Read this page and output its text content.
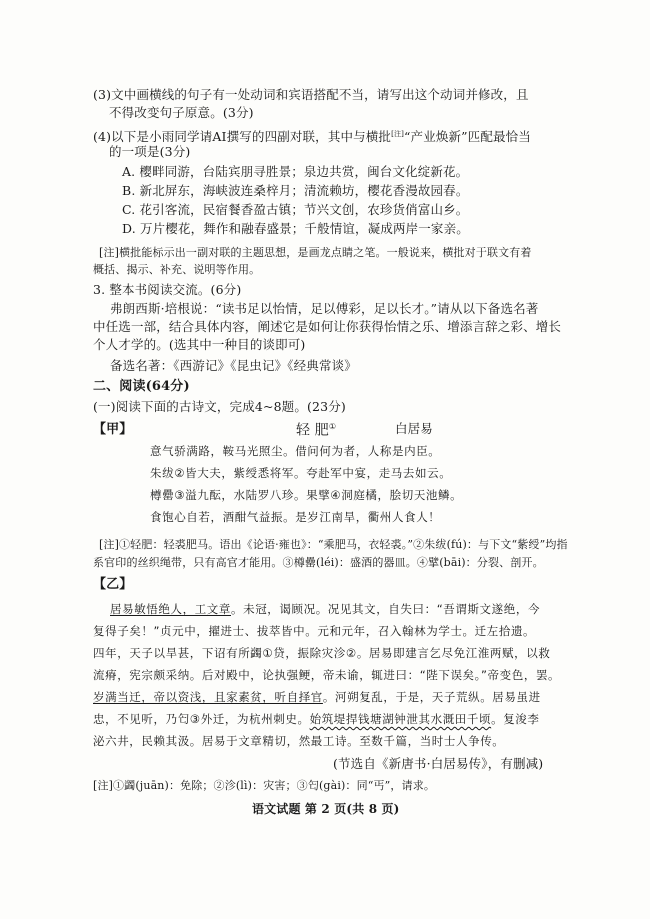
(3)文中画横线的句子有一处动词和宾语搭配不当，请写出这个动词并修改，且
不得改变句子原意。(3分)
(4)以下是小雨同学请AI撰写的四副对联，其中与横批[注]“产业焕新”匹配最恰当
的一项是(3分)
A. 樱畔同游，台陆宾朋寻胜景；泉边共赏，闽台文化绽新花。
B. 新北屏东，海峡波连桑梓月；清流赖坊，樱花香漫故园春。
C. 花引客流，民宿餐香盈古镇；节兴文创，农珍货俏富山乡。
D. 万片樱花，舞作和融春盛景；千般情谊，凝成两岸一家亲。
[注]横批能标示出一副对联的主题思想，是画龙点睛之笔。一般说来，横批对于联文有着
概括、揭示、补充、说明等作用。
3. 整本书阅读交流。(6分)
弗朗西斯·培根说：“读书足以怡情，足以傅彩，足以长才。”请从以下备选名著
中任选一部，结合具体内容，阐述它是如何让你获得怡情之乐、增添言辞之彩、增长
个人才学的。(选其中一种目的谈即可)
备选名著：《西游记》《昆虫记》《经典常谈》
二、阅读(64分)
(一)阅读下面的古诗文，完成4~8题。(23分)
【甲】	轻 肥①	白居易
意气骄满路，鞍马光照尘。借问何为者，人称是内臣。
朱绂②皆大夫，紫绶悉将军。夸赴军中宴，走马去如云。
樽罍③溢九酝，水陆罗八珍。果擘④洞庭橘，脍切天池鳞。
食饱心自若，酒酣气益振。是岁江南旱，衢州人食人！
[注]①轻肥：轻裘肥马。语出《论语·雍也》：“乘肥马，衣轻裘。”②朱绂(fú)：与下文“紫绶”均指
系官印的丝织绳带，只有高官才能用。③樽罍(léi)：盛酒的器皿。④擘(bāi)：分裂、剖开。
【乙】
居易敏悟绝人，工文章。未冠，谒顾况。况见其文，自失曰：“吾谓斯文遂绝，今
复得子矣！”贞元中，擢进士、拔萃皆中。元和元年，召入翰林为学士。迁左拾遗。
四年，天子以旱甚，下诏有所蠲①贷，振除灾沴②。居易即建言乞尽免江淮两赋，以救
流瘠，宪宗颇采纳。后对殿中，论执强鲠，帝未谕，辄进曰：“陛下误矣。”帝变色，罢。
岁满当迁，帝以资浅，且家素贫，听自择官。河朔复乱，于是，天子荒纵。居易虽进
忠，不见听，乃匄③外迁，为杭州刺史。始筑堤捍钱塘湖钟泄其水溉田千顷。复浚李
泌六井，民赖其汲。居易于文章精切，然最工诗。至数千篇，当时士人争传。
(节选自《新唐书·白居易传》，有删减)
[注]①蠲(juān)：免除；②沴(lì)：灾害；③匄(gài)：同“丐”，请求。
语文试题 第 2 页(共 8 页)
